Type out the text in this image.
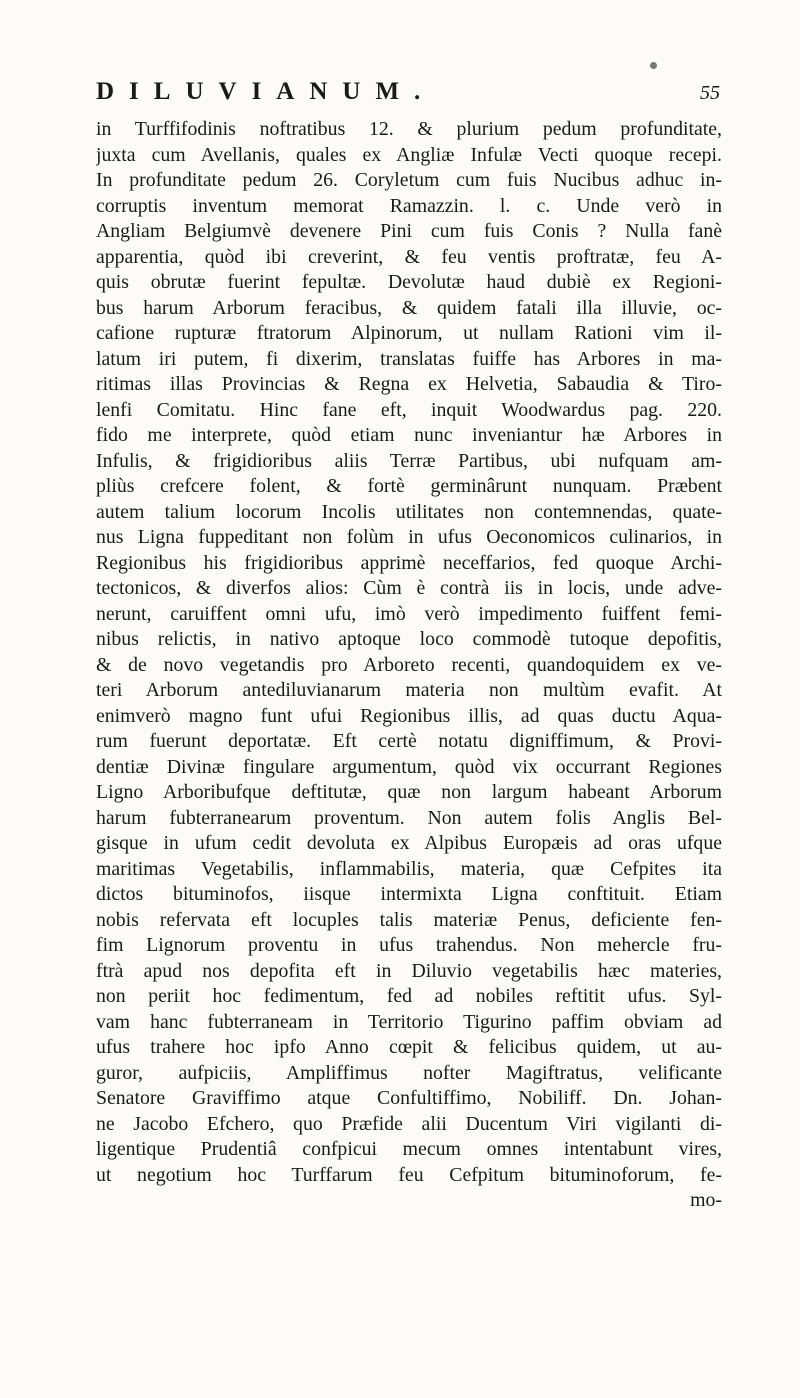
DILUVIANUM.	55
in Turffifodinis noftratibus 12. & plurium pedum profunditate,
juxta cum Avellanis, quales ex Angliæ Infulæ Vecti quoque recepi.
In profunditate pedum 26. Coryletum cum fuis Nucibus adhuc in-
corruptis inventum memorat Ramazzin. l. c. Unde verò in
Angliam Belgiumvè devenere Pini cum fuis Conis ? Nulla fanè
apparentia, quòd ibi creverint, & feu ventis proftratæ, feu A-
quis obrutæ fuerint fepultæ. Devolutæ haud dubiè ex Regioni-
bus harum Arborum feracibus, & quidem fatali illa illuvie, oc-
cafione rupturæ ftratorum Alpinorum, ut nullam Rationi vim il-
latum iri putem, fi dixerim, translatas fuiffe has Arbores in ma-
ritimas illas Provincias & Regna ex Helvetia, Sabaudia & Tiro-
lenfi Comitatu. Hinc fane eft, inquit Woodwardus pag. 220.
fido me interprete, quòd etiam nunc inveniantur hæ Arbores in
Infulis, & frigidioribus aliis Terræ Partibus, ubi nufquam am-
pliùs crefcere folent, & fortè germinârunt nunquam. Præbent
autem talium locorum Incolis utilitates non contemnendas, quate-
nus Ligna fuppeditant non folùm in ufus Oeconomicos culinarios, in
Regionibus his frigidioribus apprimè neceffarios, fed quoque Archi-
tectonicos, & diverfos alios: Cùm è contrà iis in locis, unde adve-
nerunt, caruiffent omni ufu, imò verò impedimento fuiffent femi-
nibus relictis, in nativo aptoque loco commodè tutoque depofitis,
& de novo vegetandis pro Arboreto recenti, quandoquidem ex ve-
teri Arborum antediluvianarum materia non multùm evafit. At
enimverò magno funt ufui Regionibus illis, ad quas ductu Aqua-
rum fuerunt deportatæ. Eft certè notatu digniffimum, & Provi-
dentiæ Divinæ fingulare argumentum, quòd vix occurrant Regiones
Ligno Arboribufque deftitutæ, quæ non largum habeant Arborum
harum fubterranearum proventum. Non autem folis Anglis Bel-
gisque in ufum cedit devoluta ex Alpibus Europæis ad oras ufque
maritimas Vegetabilis, inflammabilis, materia, quæ Cefpites ita
dictos bituminofos, iisque intermixta Ligna conftituit. Etiam
nobis refervata eft locuples talis materiæ Penus, deficiente fen-
fim Lignorum proventu in ufus trahendus. Non mehercle fru-
ftrà apud nos depofita eft in Diluvio vegetabilis hæc materies,
non periit hoc fedimentum, fed ad nobiles reftitit ufus. Syl-
vam hanc fubterraneam in Territorio Tigurino paffim obviam ad
ufus trahere hoc ipfo Anno cœpit & felicibus quidem, ut au-
guror, aufpiciis, Ampliffimus nofter Magiftratus, velificante
Senatore Graviffimo atque Confultiffimo, Nobiliff. Dn. Johan-
ne Jacobo Efchero, quo Præfide alii Ducentum Viri vigilanti di-
ligentique Prudentiâ confpicui mecum omnes intentabunt vires,
ut negotium hoc Turffarum feu Cefpitum bituminoforum, fe-
mo-
